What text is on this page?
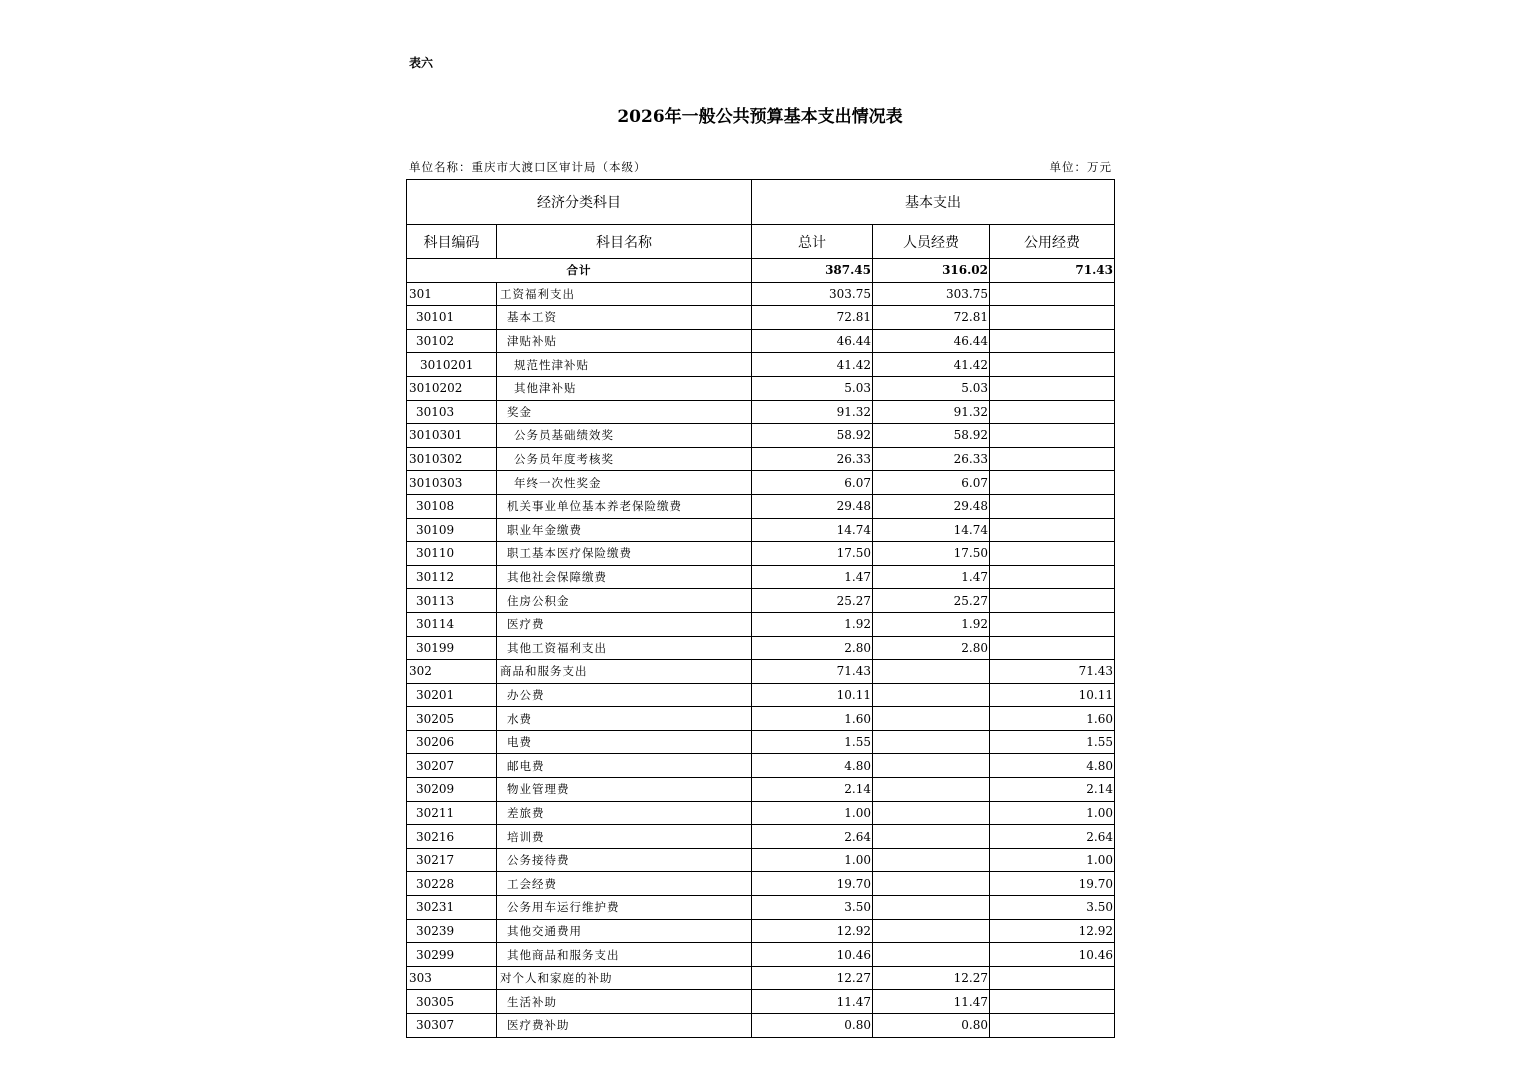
表六
2026年一般公共预算基本支出情况表
单位名称：重庆市大渡口区审计局（本级）	单位：万元
经济分类科目		基本支出		
科目编码	科目名称	总计	人员经费	公用经费
合计		387.45	316.02	71.43
301	工资福利支出	303.75	303.75	
30101	基本工资	72.81	72.81	
30102	津贴补贴	46.44	46.44	
3010201	规范性津补贴	41.42	41.42	
3010202	其他津补贴	5.03	5.03	
30103	奖金	91.32	91.32	
3010301	公务员基础绩效奖	58.92	58.92	
3010302	公务员年度考核奖	26.33	26.33	
3010303	年终一次性奖金	6.07	6.07	
30108	机关事业单位基本养老保险缴费	29.48	29.48	
30109	职业年金缴费	14.74	14.74	
30110	职工基本医疗保险缴费	17.50	17.50	
30112	其他社会保障缴费	1.47	1.47	
30113	住房公积金	25.27	25.27	
30114	医疗费	1.92	1.92	
30199	其他工资福利支出	2.80	2.80	
302	商品和服务支出	71.43		71.43
30201	办公费	10.11		10.11
30205	水费	1.60		1.60
30206	电费	1.55		1.55
30207	邮电费	4.80		4.80
30209	物业管理费	2.14		2.14
30211	差旅费	1.00		1.00
30216	培训费	2.64		2.64
30217	公务接待费	1.00		1.00
30228	工会经费	19.70		19.70
30231	公务用车运行维护费	3.50		3.50
30239	其他交通费用	12.92		12.92
30299	其他商品和服务支出	10.46		10.46
303	对个人和家庭的补助	12.27	12.27	
30305	生活补助	11.47	11.47	
30307	医疗费补助	0.80	0.80	
